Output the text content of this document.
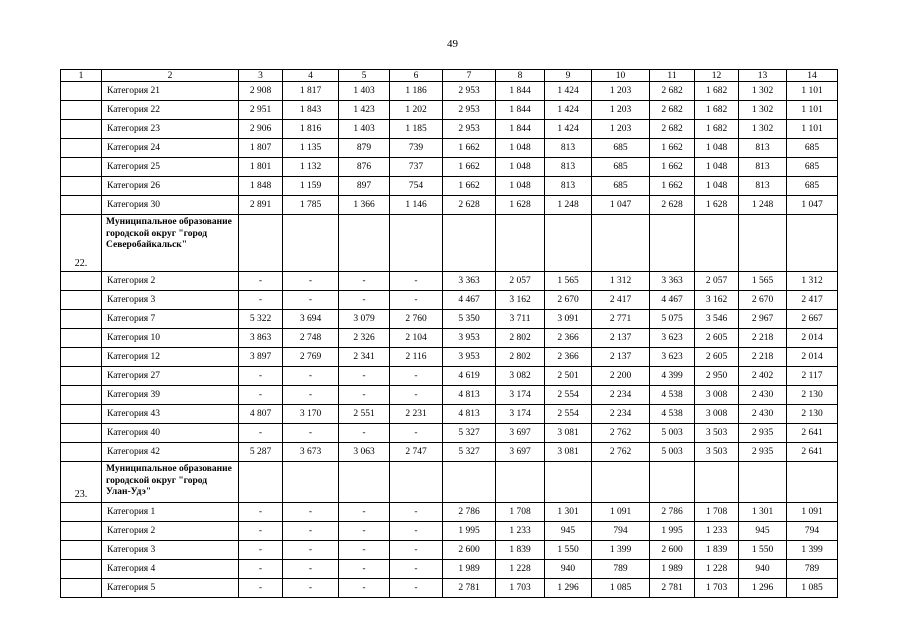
49
1	2	3	4	5	6	7	8	9	10	11	12	13	14
	Категория 21	2 908	1 817	1 403	1 186	2 953	1 844	1 424	1 203	2 682	1 682	1 302	1 101
	Категория 22	2 951	1 843	1 423	1 202	2 953	1 844	1 424	1 203	2 682	1 682	1 302	1 101
	Категория 23	2 906	1 816	1 403	1 185	2 953	1 844	1 424	1 203	2 682	1 682	1 302	1 101
	Категория 24	1 807	1 135	879	739	1 662	1 048	813	685	1 662	1 048	813	685
	Категория 25	1 801	1 132	876	737	1 662	1 048	813	685	1 662	1 048	813	685
	Категория 26	1 848	1 159	897	754	1 662	1 048	813	685	1 662	1 048	813	685
	Категория 30	2 891	1 785	1 366	1 146	2 628	1 628	1 248	1 047	2 628	1 628	1 248	1 047
22.	Муниципальное образование городской округ "город Северобайкальск"												
	Категория 2	-	-	-	-	3 363	2 057	1 565	1 312	3 363	2 057	1 565	1 312
	Категория 3	-	-	-	-	4 467	3 162	2 670	2 417	4 467	3 162	2 670	2 417
	Категория 7	5 322	3 694	3 079	2 760	5 350	3 711	3 091	2 771	5 075	3 546	2 967	2 667
	Категория 10	3 863	2 748	2 326	2 104	3 953	2 802	2 366	2 137	3 623	2 605	2 218	2 014
	Категория 12	3 897	2 769	2 341	2 116	3 953	2 802	2 366	2 137	3 623	2 605	2 218	2 014
	Категория 27	-	-	-	-	4 619	3 082	2 501	2 200	4 399	2 950	2 402	2 117
	Категория 39	-	-	-	-	4 813	3 174	2 554	2 234	4 538	3 008	2 430	2 130
	Категория 43	4 807	3 170	2 551	2 231	4 813	3 174	2 554	2 234	4 538	3 008	2 430	2 130
	Категория 40	-	-	-	-	5 327	3 697	3 081	2 762	5 003	3 503	2 935	2 641
	Категория 42	5 287	3 673	3 063	2 747	5 327	3 697	3 081	2 762	5 003	3 503	2 935	2 641
23.	Муниципальное образование городской округ "город Улан-Удэ"												
	Категория 1	-	-	-	-	2 786	1 708	1 301	1 091	2 786	1 708	1 301	1 091
	Категория 2	-	-	-	-	1 995	1 233	945	794	1 995	1 233	945	794
	Категория 3	-	-	-	-	2 600	1 839	1 550	1 399	2 600	1 839	1 550	1 399
	Категория 4	-	-	-	-	1 989	1 228	940	789	1 989	1 228	940	789
	Категория 5	-	-	-	-	2 781	1 703	1 296	1 085	2 781	1 703	1 296	1 085
